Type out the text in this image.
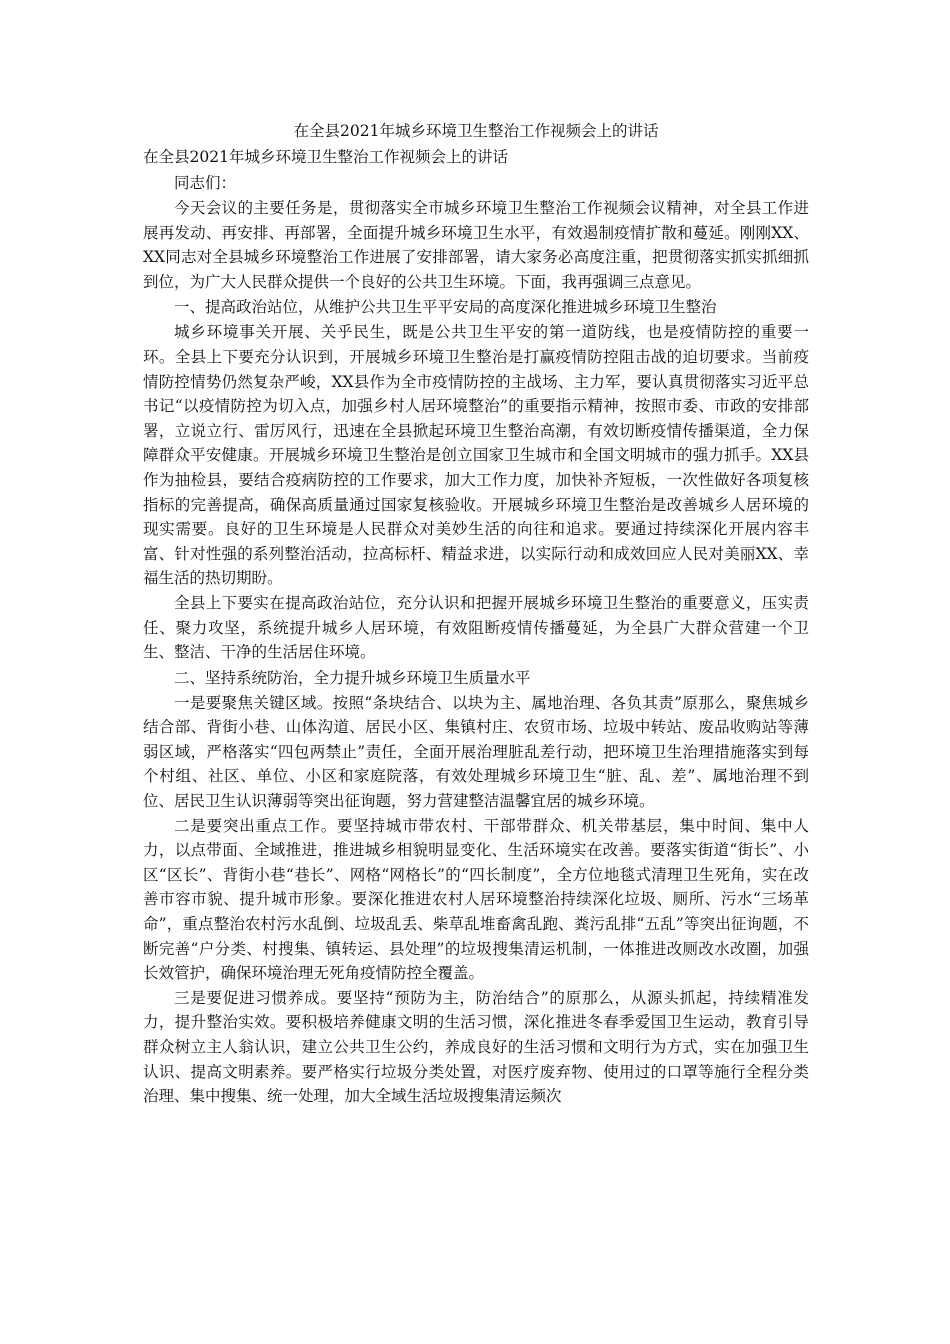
在全县2021年城乡环境卫生整治工作视频会上的讲话
在全县2021年城乡环境卫生整治工作视频会上的讲话

同志们：

今天会议的主要任务是，贯彻落实全市城乡环境卫生整治工作视频会议精神，对全县工作进展再发动、再安排、再部署，全面提升城乡环境卫生水平，有效遏制疫情扩散和蔓延。刚刚XX、XX同志对全县城乡环境整治工作进展了安排部署，请大家务必高度注重，把贯彻落实抓实抓细抓到位，为广大人民群众提供一个良好的公共卫生环境。下面，我再强调三点意见。

一、提高政治站位，从维护公共卫生平平安局的高度深化推进城乡环境卫生整治

城乡环境事关开展、关乎民生，既是公共卫生平安的第一道防线，也是疫情防控的重要一环。全县上下要充分认识到，开展城乡环境卫生整治是打赢疫情防控阻击战的迫切要求。当前疫情防控情势仍然复杂严峻，XX县作为全市疫情防控的主战场、主力军，要认真贯彻落实习近平总书记“以疫情防控为切入点，加强乡村人居环境整治”的重要指示精神，按照市委、市政的安排部署，立说立行、雷厉风行，迅速在全县掀起环境卫生整治高潮，有效切断疫情传播渠道，全力保障群众平安健康。开展城乡环境卫生整治是创立国家卫生城市和全国文明城市的强力抓手。XX县作为抽检县，要结合疫病防控的工作要求，加大工作力度，加快补齐短板，一次性做好各项复核指标的完善提高，确保高质量通过国家复核验收。开展城乡环境卫生整治是改善城乡人居环境的现实需要。良好的卫生环境是人民群众对美妙生活的向往和追求。要通过持续深化开展内容丰富、针对性强的系列整治活动，拉高标杆、精益求进，以实际行动和成效回应人民对美丽XX、幸福生活的热切期盼。

全县上下要实在提高政治站位，充分认识和把握开展城乡环境卫生整治的重要意义，压实责任、聚力攻坚，系统提升城乡人居环境，有效阻断疫情传播蔓延，为全县广大群众营建一个卫生、整洁、干净的生活居住环境。

二、坚持系统防治，全力提升城乡环境卫生质量水平

一是要聚焦关键区域。按照“条块结合、以块为主、属地治理、各负其责”原那么，聚焦城乡结合部、背街小巷、山体沟道、居民小区、集镇村庄、农贸市场、垃圾中转站、废品收购站等薄弱区域，严格落实“四包两禁止”责任，全面开展治理脏乱差行动，把环境卫生治理措施落实到每个村组、社区、单位、小区和家庭院落，有效处理城乡环境卫生“脏、乱、差”、属地治理不到位、居民卫生认识薄弱等突出征询题，努力营建整洁温馨宜居的城乡环境。

二是要突出重点工作。要坚持城市带农村、干部带群众、机关带基层，集中时间、集中人力，以点带面、全域推进，推进城乡相貌明显变化、生活环境实在改善。要落实街道“街长”、小区“区长”、背街小巷“巷长”、网格“网格长”的“四长制度”，全方位地毯式清理卫生死角，实在改善市容市貌、提升城市形象。要深化推进农村人居环境整治持续深化垃圾、厕所、污水“三场革命”，重点整治农村污水乱倒、垃圾乱丢、柴草乱堆畜禽乱跑、粪污乱排“五乱”等突出征询题，不断完善“户分类、村搜集、镇转运、县处理”的垃圾搜集清运机制，一体推进改厕改水改圈，加强长效管护，确保环境治理无死角疫情防控全覆盖。

三是要促进习惯养成。要坚持“预防为主，防治结合”的原那么，从源头抓起，持续精准发力，提升整治实效。要积极培养健康文明的生活习惯，深化推进冬春季爱国卫生运动，教育引导群众树立主人翁认识，建立公共卫生公约，养成良好的生活习惯和文明行为方式，实在加强卫生认识、提高文明素养。要严格实行垃圾分类处置，对医疗废弃物、使用过的口罩等施行全程分类治理、集中搜集、统一处理，加大全域生活垃圾搜集清运频次
